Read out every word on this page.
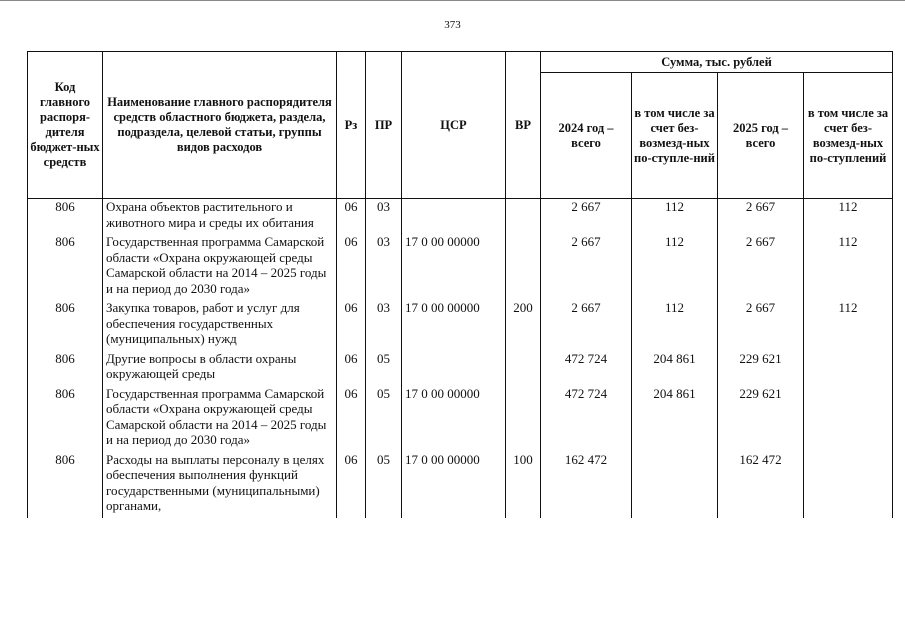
373
Код главного распоря-дителя бюджет-ных средств	Наименование главного распорядителя средств областного бюджета, раздела, подраздела, целевой статьи, группы видов расходов	Рз	ПР	ЦСР	ВР	Сумма, тыс. рублей			
						2024 год – всего	в том числе за счет без-возмезд-ных по-ступле-ний	2025 год – всего	в том числе за счет без-возмезд-ных по-ступлений
806	Охрана объектов растительного и животного мира и среды их обитания	06	03			2 667	112	2 667	112
806	Государственная программа Самарской области «Охрана окружающей среды Самарской области на 2014 – 2025 годы и на период до 2030 года»	06	03	17 0 00 00000		2 667	112	2 667	112
806	Закупка товаров, работ и услуг для обеспечения государственных (муниципальных) нужд	06	03	17 0 00 00000	200	2 667	112	2 667	112
806	Другие вопросы в области охраны окружающей среды	06	05			472 724	204 861	229 621	
806	Государственная программа Самарской области «Охрана окружающей среды Самарской области на 2014 – 2025 годы и на период до 2030 года»	06	05	17 0 00 00000		472 724	204 861	229 621	
806	Расходы на выплаты персоналу в целях обеспечения выполнения функций государственными (муниципальными) органами,	06	05	17 0 00 00000	100	162 472		162 472	
